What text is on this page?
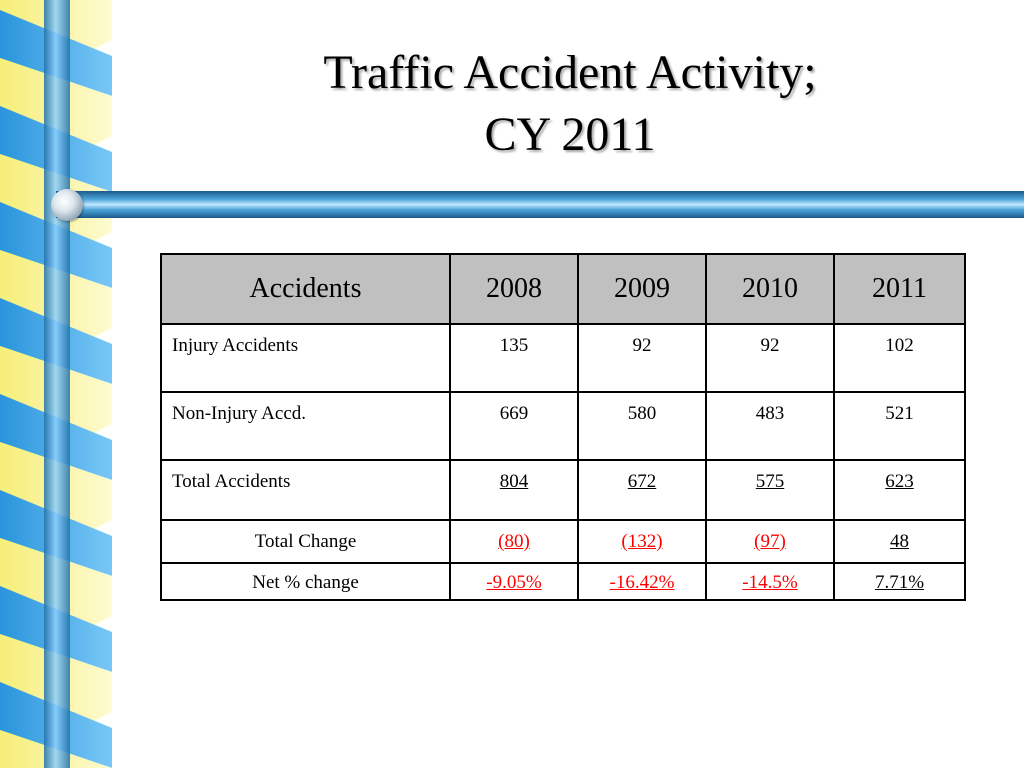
Traffic Accident Activity;
CY 2011
Accidents	2008	2009	2010	2011
Injury Accidents	135	92	92	102
Non-Injury Accd.	669	580	483	521
Total Accidents	804	672	575	623
Total Change	(80)	(132)	(97)	48
Net % change	-9.05%	-16.42%	-14.5%	7.71%
